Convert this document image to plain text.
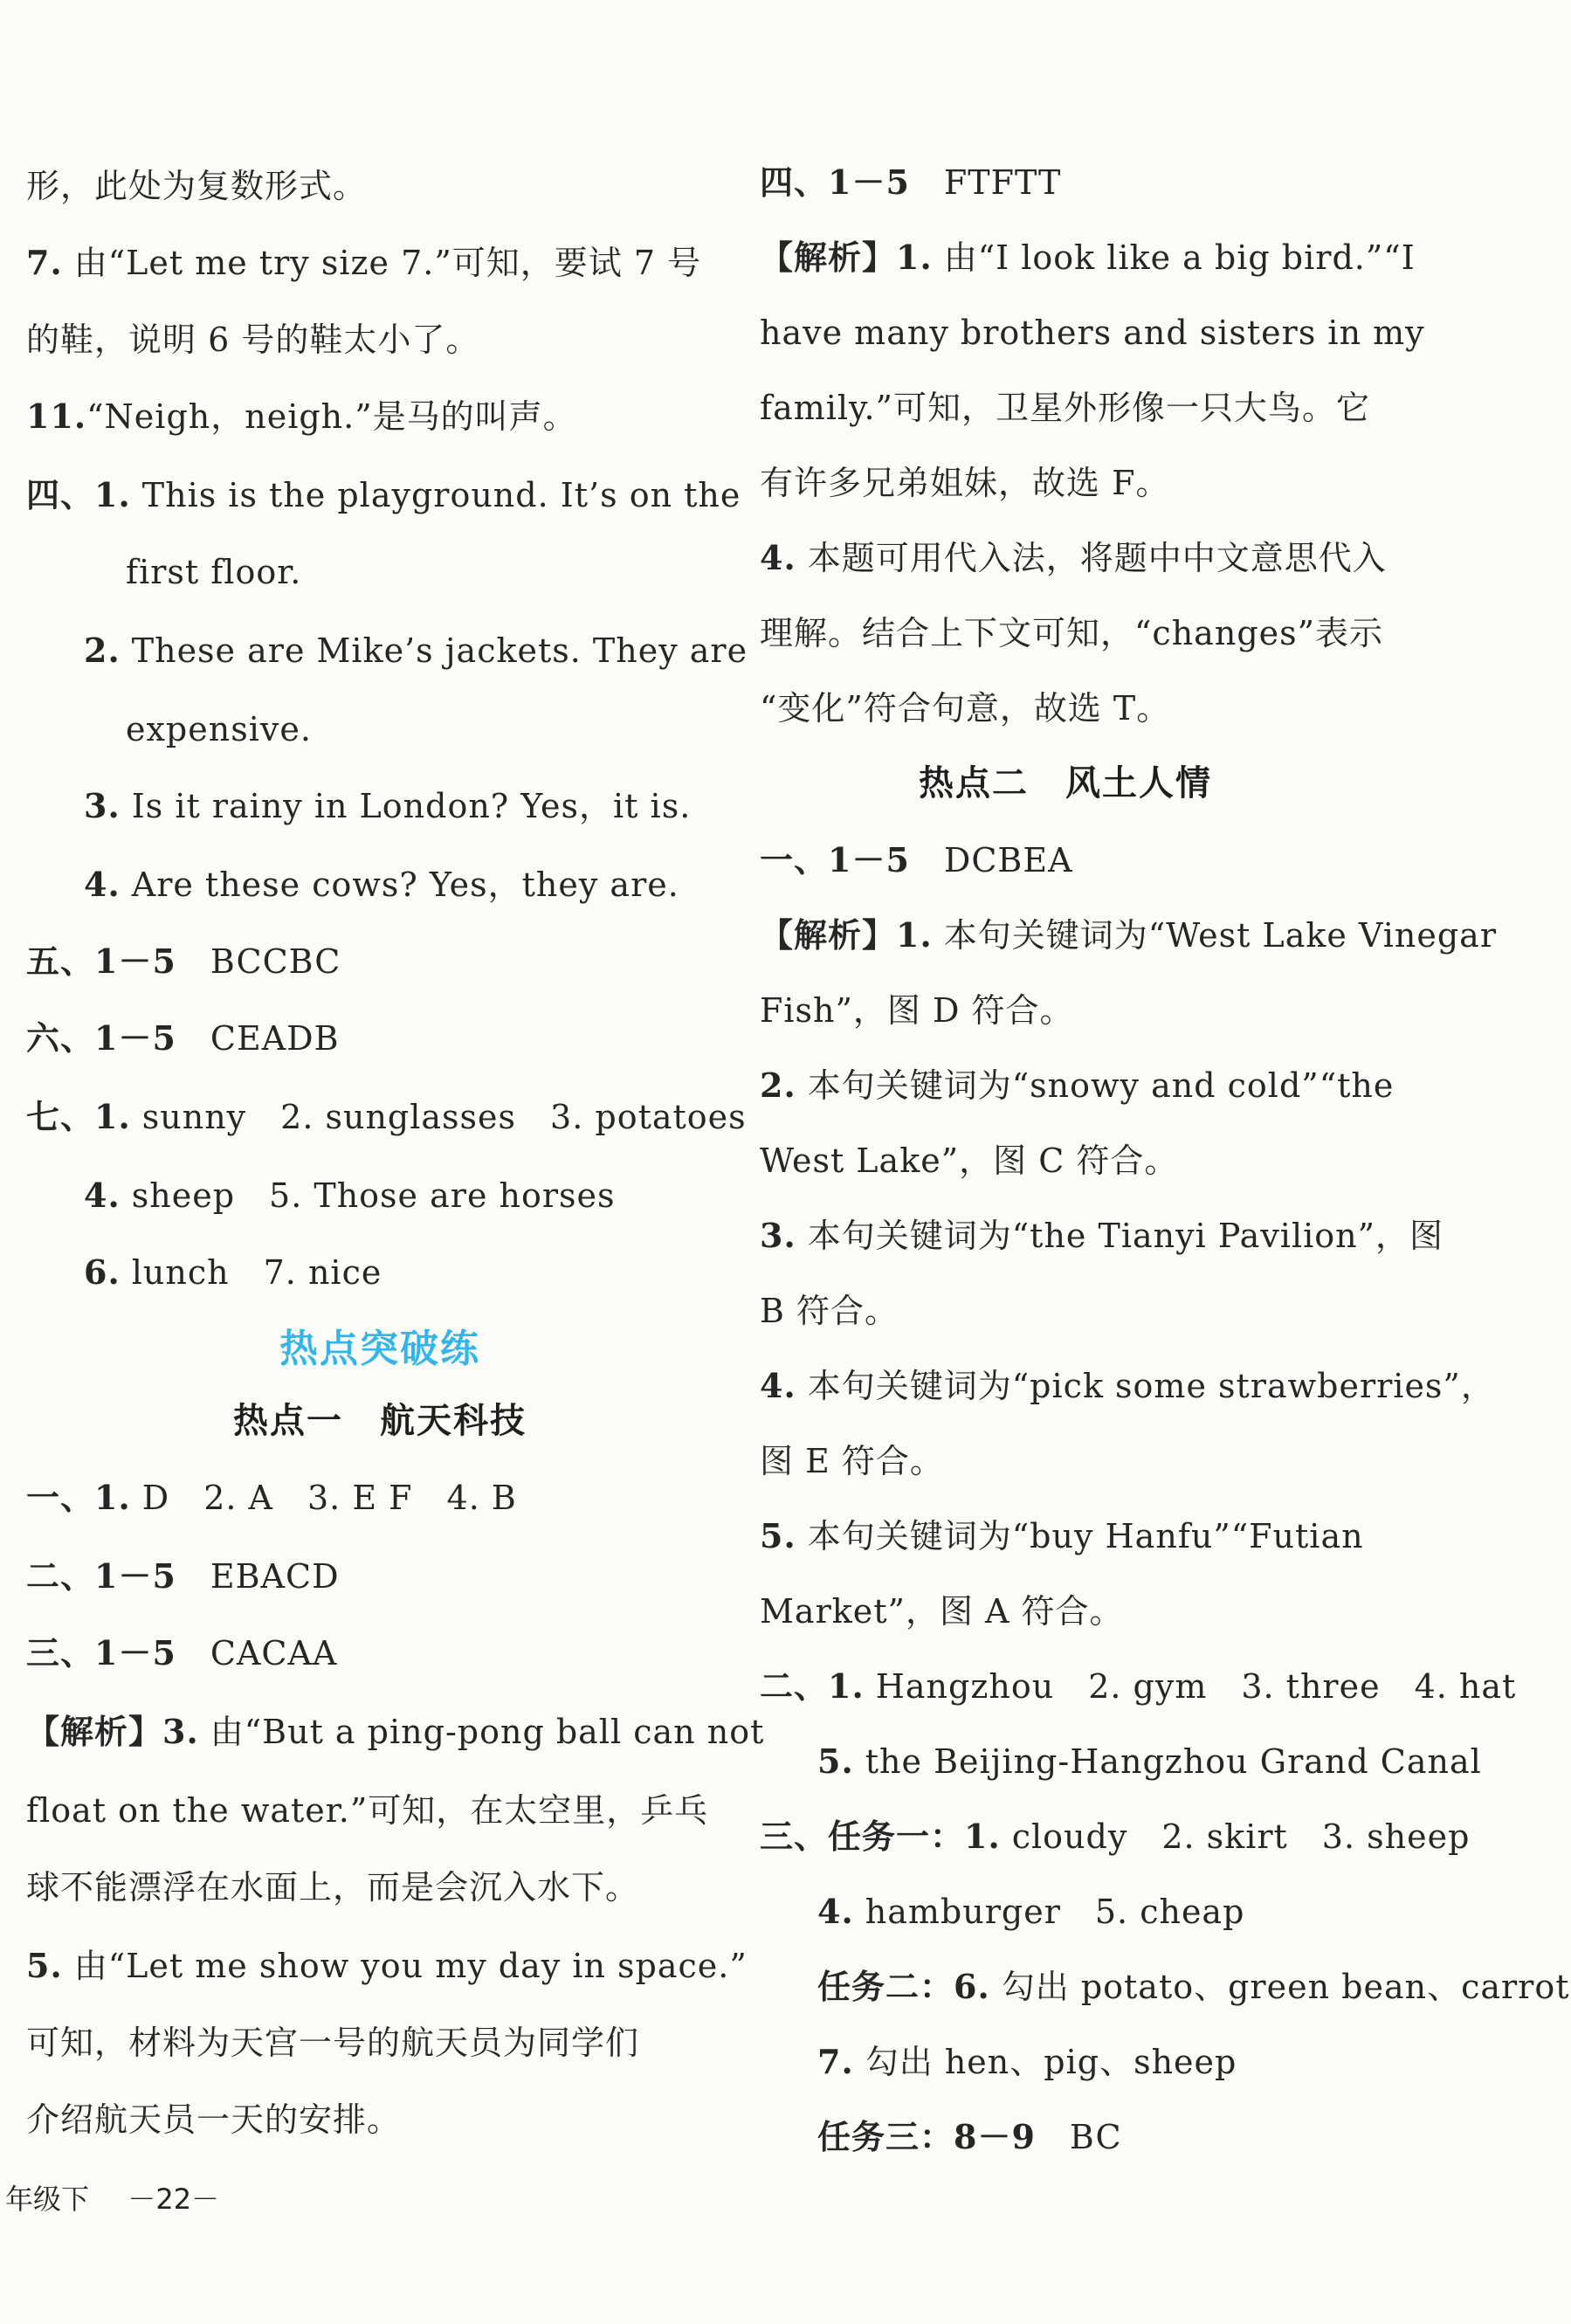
形，此处为复数形式。
7. 由“Let me try size 7.”可知，要试 7 号
的鞋，说明 6 号的鞋太小了。
11.“Neigh，neigh.”是马的叫声。
四、1. This is the playground. It’s on the
first floor.
2. These are Mike’s jackets. They are
expensive.
3. Is it rainy in London? Yes，it is.
4. Are these cows? Yes，they are.
五、1－5　BCCBC
六、1－5　CEADB
七、1. sunny　2. sunglasses　3. potatoes
4. sheep　5. Those are horses
6. lunch　7. nice
一、1. D　2. A　3. E F　4. B
二、1－5　EBACD
三、1－5　CACAA
【解析】3. 由“But a ping-pong ball can not
float on the water.”可知，在太空里，乒乓
球不能漂浮在水面上，而是会沉入水下。
5. 由“Let me show you my day in space.”
可知，材料为天宫一号的航天员为同学们
介绍航天员一天的安排。
四、1－5　FTFTT
【解析】1. 由“I look like a big bird.”“I
have many brothers and sisters in my
family.”可知，卫星外形像一只大鸟。它
有许多兄弟姐妹，故选 F。
4. 本题可用代入法，将题中中文意思代入
理解。结合上下文可知，“changes”表示
“变化”符合句意，故选 T。
一、1－5　DCBEA
【解析】1. 本句关键词为“West Lake Vinegar
Fish”，图 D 符合。
2. 本句关键词为“snowy and cold”“the
West Lake”，图 C 符合。
3. 本句关键词为“the Tianyi Pavilion”，图
B 符合。
4. 本句关键词为“pick some strawberries”，
图 E 符合。
5. 本句关键词为“buy Hanfu”“Futian
Market”，图 A 符合。
二、1. Hangzhou　2. gym　3. three　4. hat
5. the Beijing-Hangzhou Grand Canal
三、任务一：1. cloudy　2. skirt　3. sheep
4. hamburger　5. cheap
任务二：6. 勾出 potato、green bean、carrot
7. 勾出 hen、pig、sheep
任务三：8－9　BC
热点突破练
热点一　航天科技
热点二　风土人情
年级下 －22－
